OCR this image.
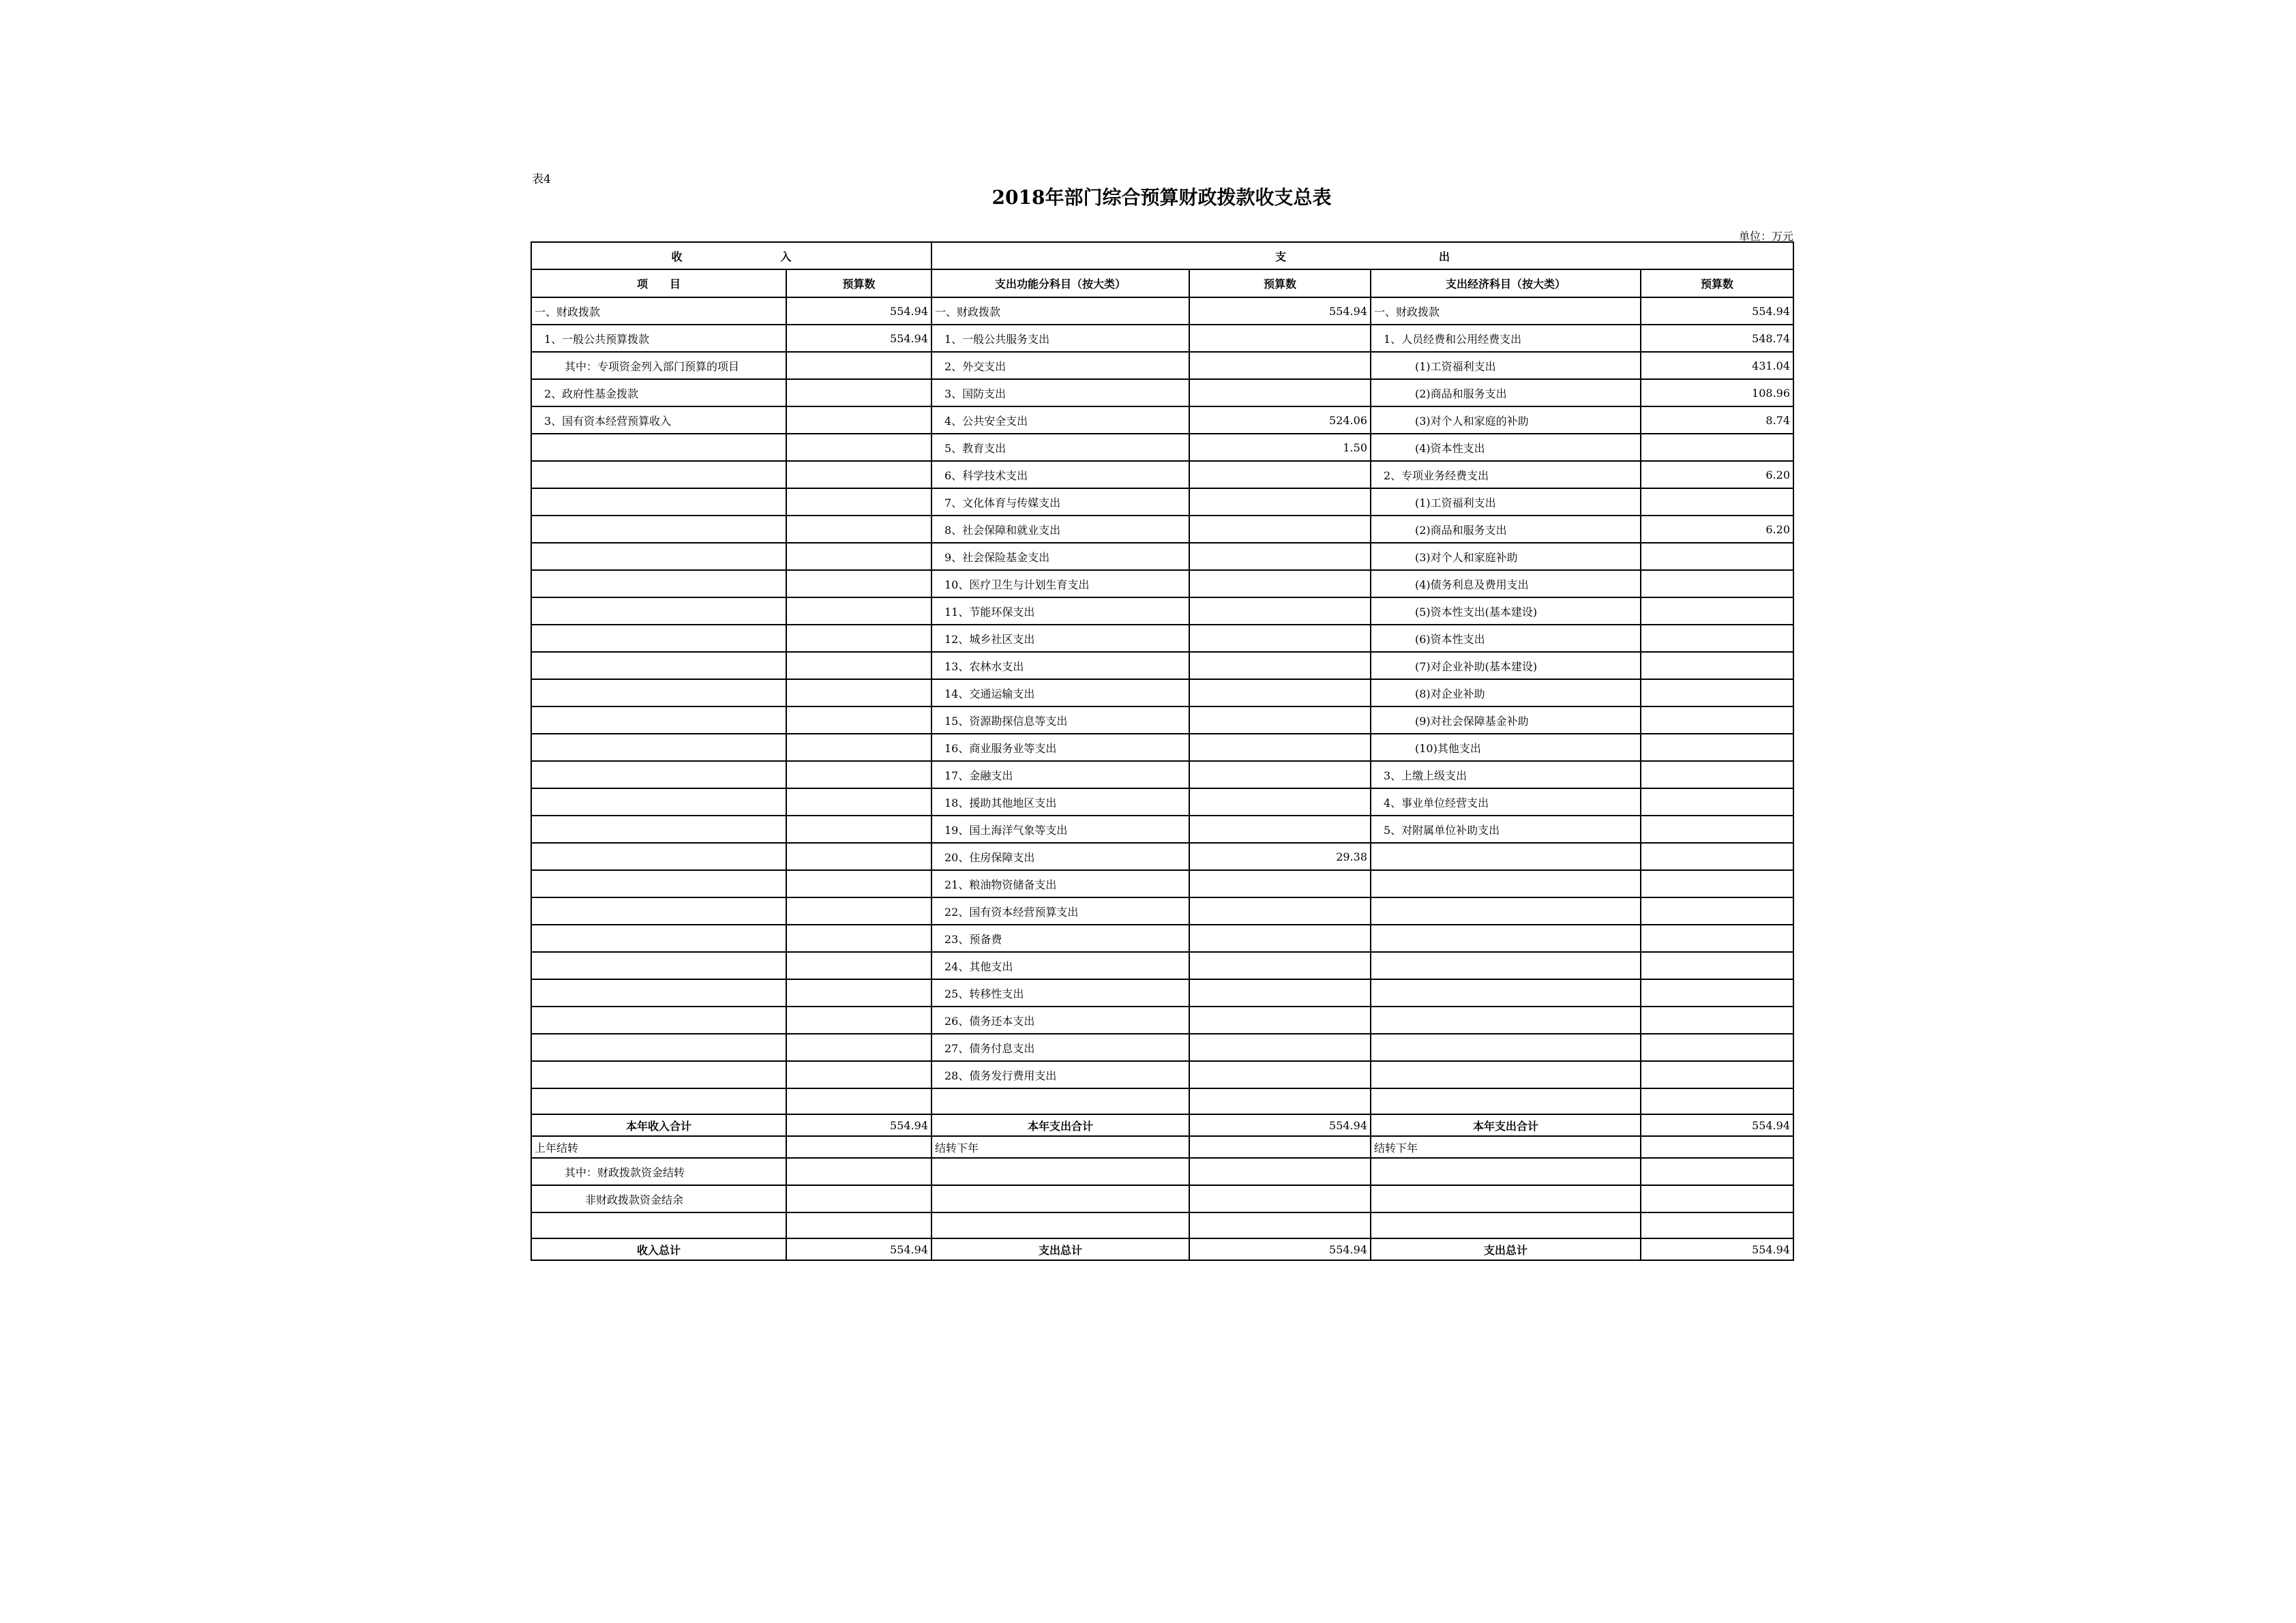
表4
2018年部门综合预算财政拨款收支总表
单位：万元
收　　　　　　　　　入		支　　　　　　　　　　　　　　出			
项　　目	预算数	支出功能分科目（按大类）	预算数	支出经济科目（按大类）	预算数
一、财政拨款	554.94	一、财政拨款	554.94	一、财政拨款	554.94
1、一般公共预算拨款	554.94	1、一般公共服务支出		1、人员经费和公用经费支出	548.74
其中：专项资金列入部门预算的项目		2、外交支出		(1)工资福利支出	431.04
2、政府性基金拨款		3、国防支出		(2)商品和服务支出	108.96
3、国有资本经营预算收入		4、公共安全支出	524.06	(3)对个人和家庭的补助	8.74
		5、教育支出	1.50	(4)资本性支出	
		6、科学技术支出		2、专项业务经费支出	6.20
		7、文化体育与传媒支出		(1)工资福利支出	
		8、社会保障和就业支出		(2)商品和服务支出	6.20
		9、社会保险基金支出		(3)对个人和家庭补助	
		10、医疗卫生与计划生育支出		(4)债务利息及费用支出	
		11、节能环保支出		(5)资本性支出(基本建设)	
		12、城乡社区支出		(6)资本性支出	
		13、农林水支出		(7)对企业补助(基本建设)	
		14、交通运输支出		(8)对企业补助	
		15、资源勘探信息等支出		(9)对社会保障基金补助	
		16、商业服务业等支出		(10)其他支出	
		17、金融支出		3、上缴上级支出	
		18、援助其他地区支出		4、事业单位经营支出	
		19、国土海洋气象等支出		5、对附属单位补助支出	
		20、住房保障支出	29.38		
		21、粮油物资储备支出			
		22、国有资本经营预算支出			
		23、预备费			
		24、其他支出			
		25、转移性支出			
		26、债务还本支出			
		27、债务付息支出			
		28、债务发行费用支出			

本年收入合计	554.94	本年支出合计	554.94	本年支出合计	554.94
上年结转		结转下年		结转下年	
其中：财政拨款资金结转					
非财政拨款资金结余					

收入总计	554.94	支出总计	554.94	支出总计	554.94
